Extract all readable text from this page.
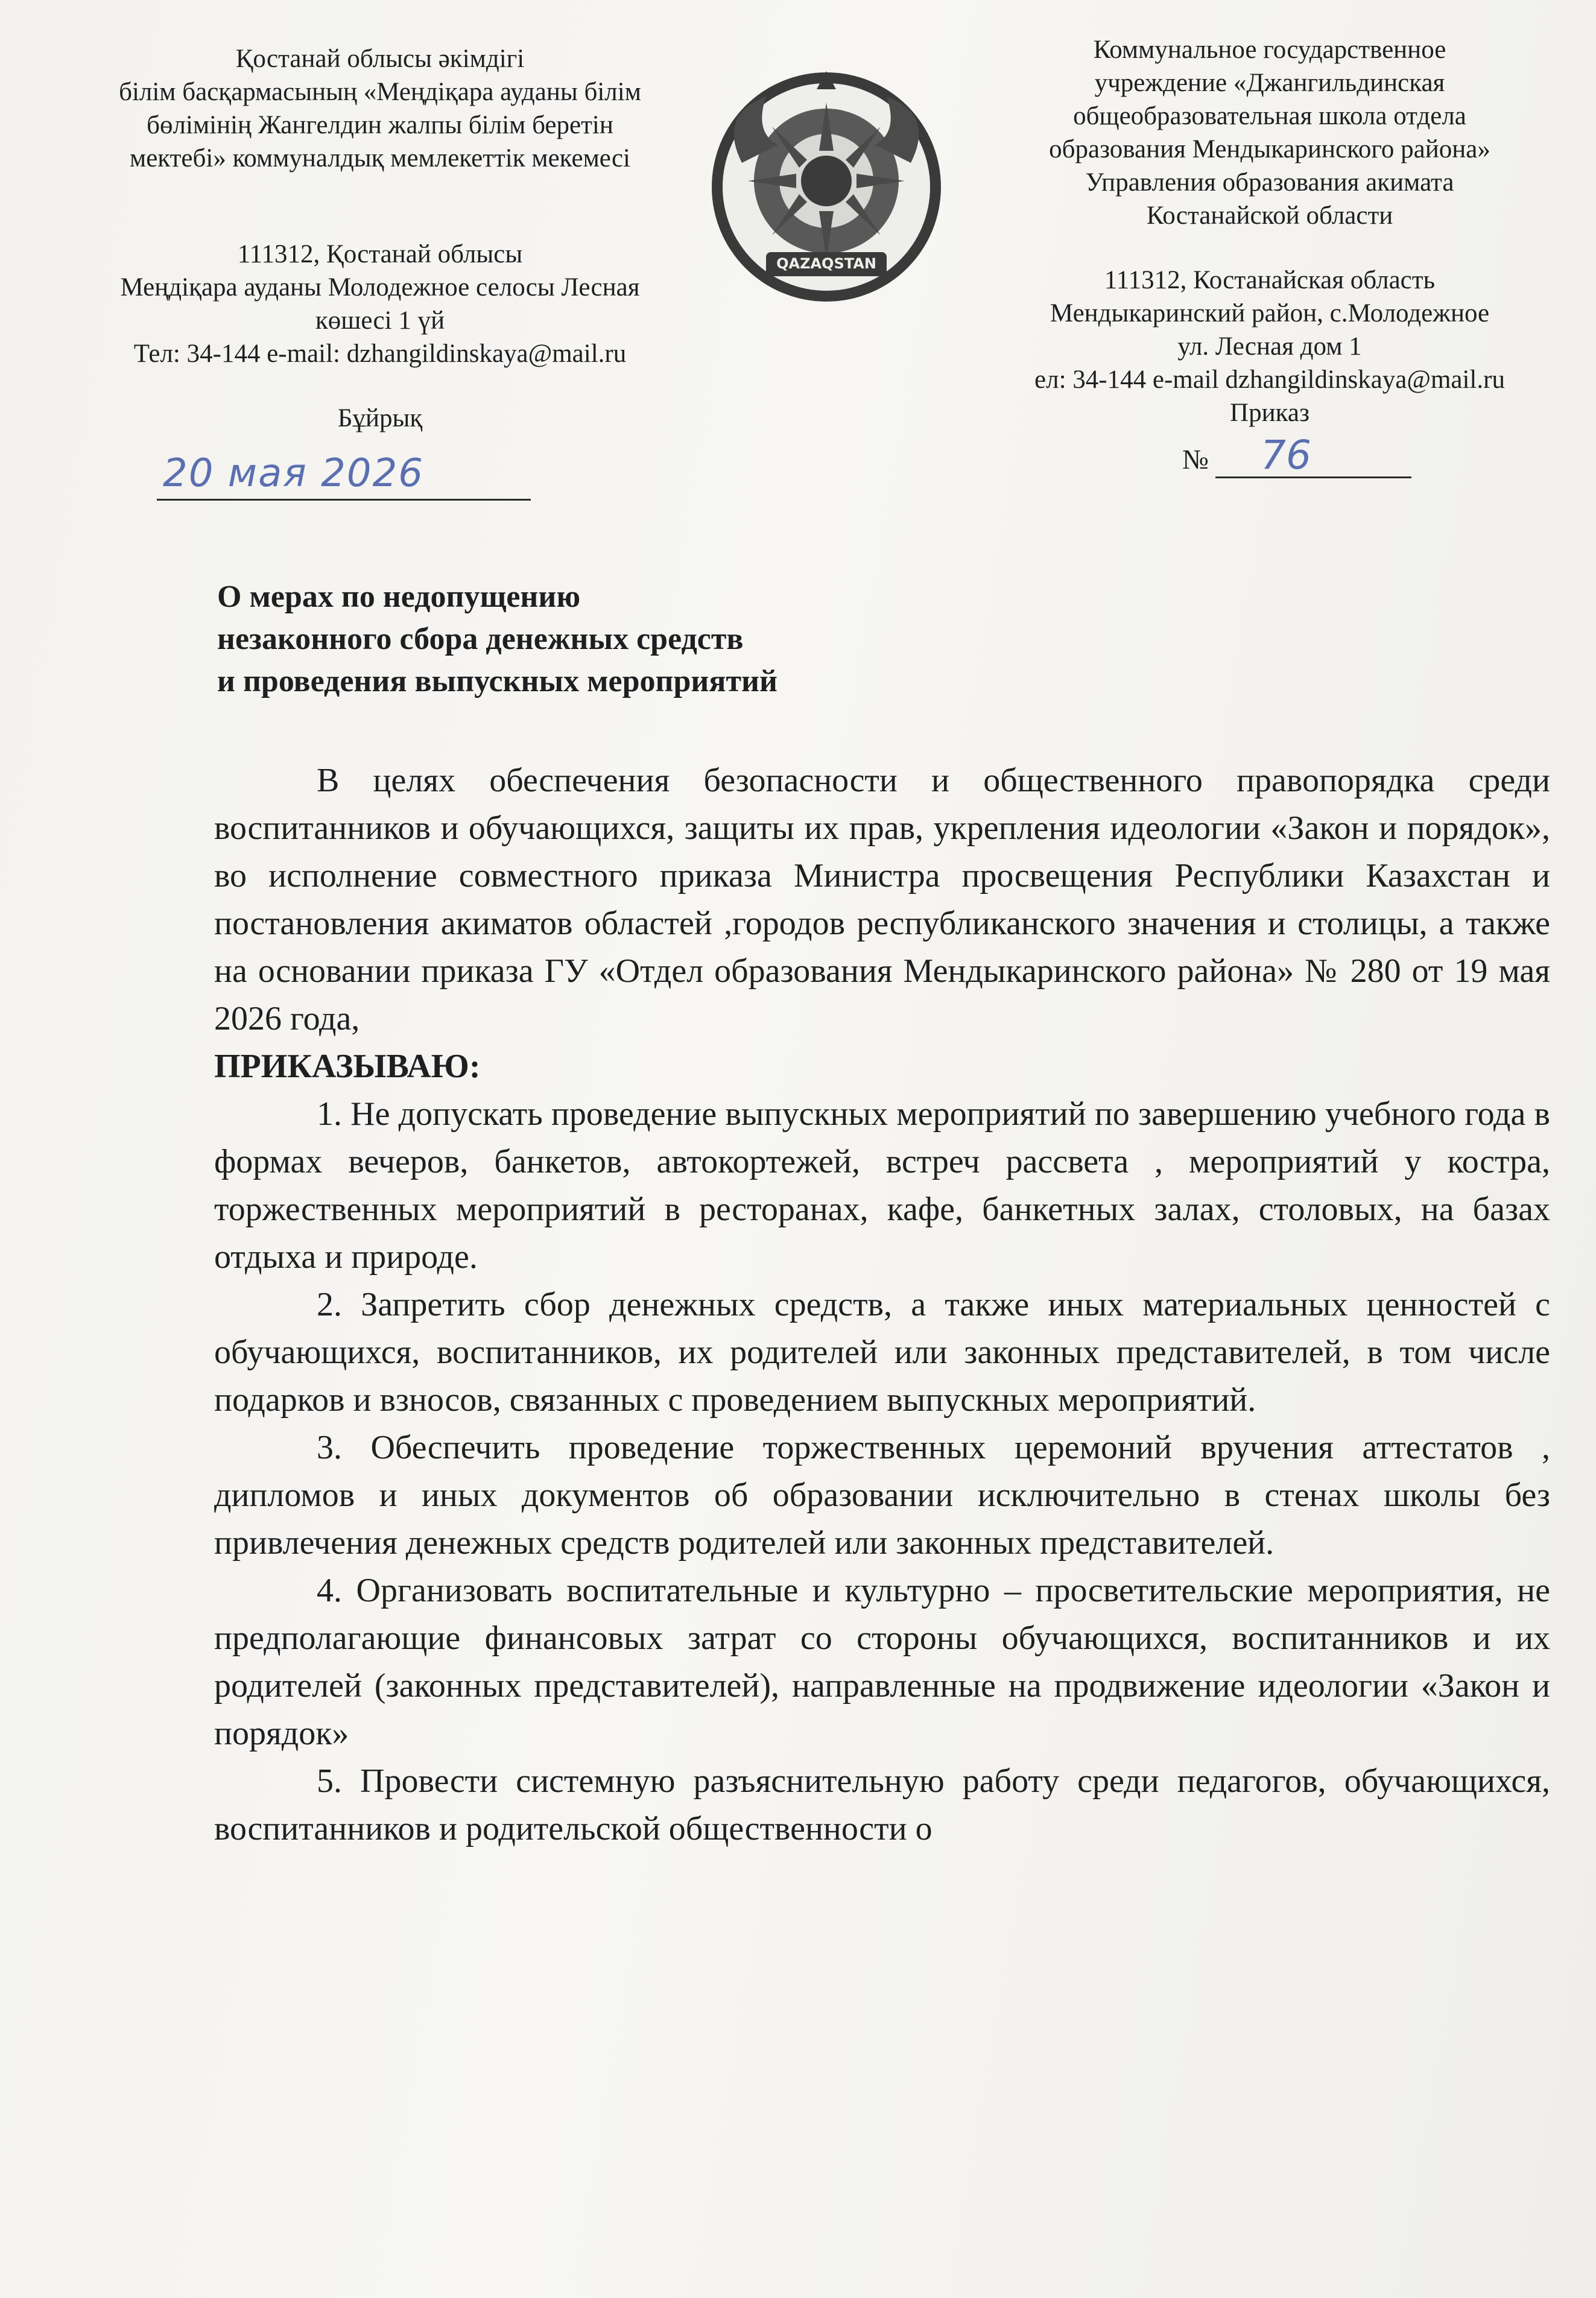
Қостанай облысы әкімдігі
білім басқармасының «Меңдіқара ауданы білім
бөлімінің Жангелдин жалпы білім беретін
мектебі» коммуналдық мемлекеттік мекемесі
111312, Қостанай облысы
Меңдіқара ауданы Молодежное селосы Лесная
көшесі 1 үй
Тел: 34-144 e-mail: dzhangildinskaya@mail.ru
Бұйрық
QAZAQSTAN
Коммунальное государственное
учреждение «Джангильдинская
общеобразовательная школа отдела
образования Мендыкаринского района»
Управления образования акимата
Костанайской области
111312, Костанайская область
Мендыкаринский район, с.Молодежное
ул. Лесная дом 1
ел: 34-144 e-mail dzhangildinskaya@mail.ru
Приказ
20 мая 2026	№ 76
О мерах по недопущению
незаконного сбора денежных средств
и проведения выпускных мероприятий

В целях обеспечения безопасности и общественного правопорядка среди воспитанников и обучающихся, защиты их прав, укрепления идеологии «Закон и порядок», во исполнение совместного приказа Министра просвещения Республики Казахстан и постановления акиматов областей ,городов республиканского значения и столицы, а также на основании приказа ГУ «Отдел образования Мендыкаринского района» № 280 от 19 мая 2026 года,

ПРИКАЗЫВАЮ:

1. Не допускать проведение выпускных мероприятий по завершению учебного года в формах вечеров, банкетов, автокортежей, встреч рассвета , мероприятий у костра, торжественных мероприятий в ресторанах, кафе, банкетных залах, столовых, на базах отдыха и природе.

2. Запретить сбор денежных средств, а также иных материальных ценностей с обучающихся, воспитанников, их родителей или законных представителей, в том числе подарков и взносов, связанных с проведением выпускных мероприятий.

3. Обеспечить проведение торжественных церемоний вручения аттестатов , дипломов и иных документов об образовании исключительно в стенах школы без привлечения денежных средств родителей или законных представителей.

4. Организовать воспитательные и культурно – просветительские мероприятия, не предполагающие финансовых затрат со стороны обучающихся, воспитанников и их родителей (законных представителей), направленные на продвижение идеологии «Закон и порядок»

5. Провести системную разъяснительную работу среди педагогов, обучающихся, воспитанников и родительской общественности о
